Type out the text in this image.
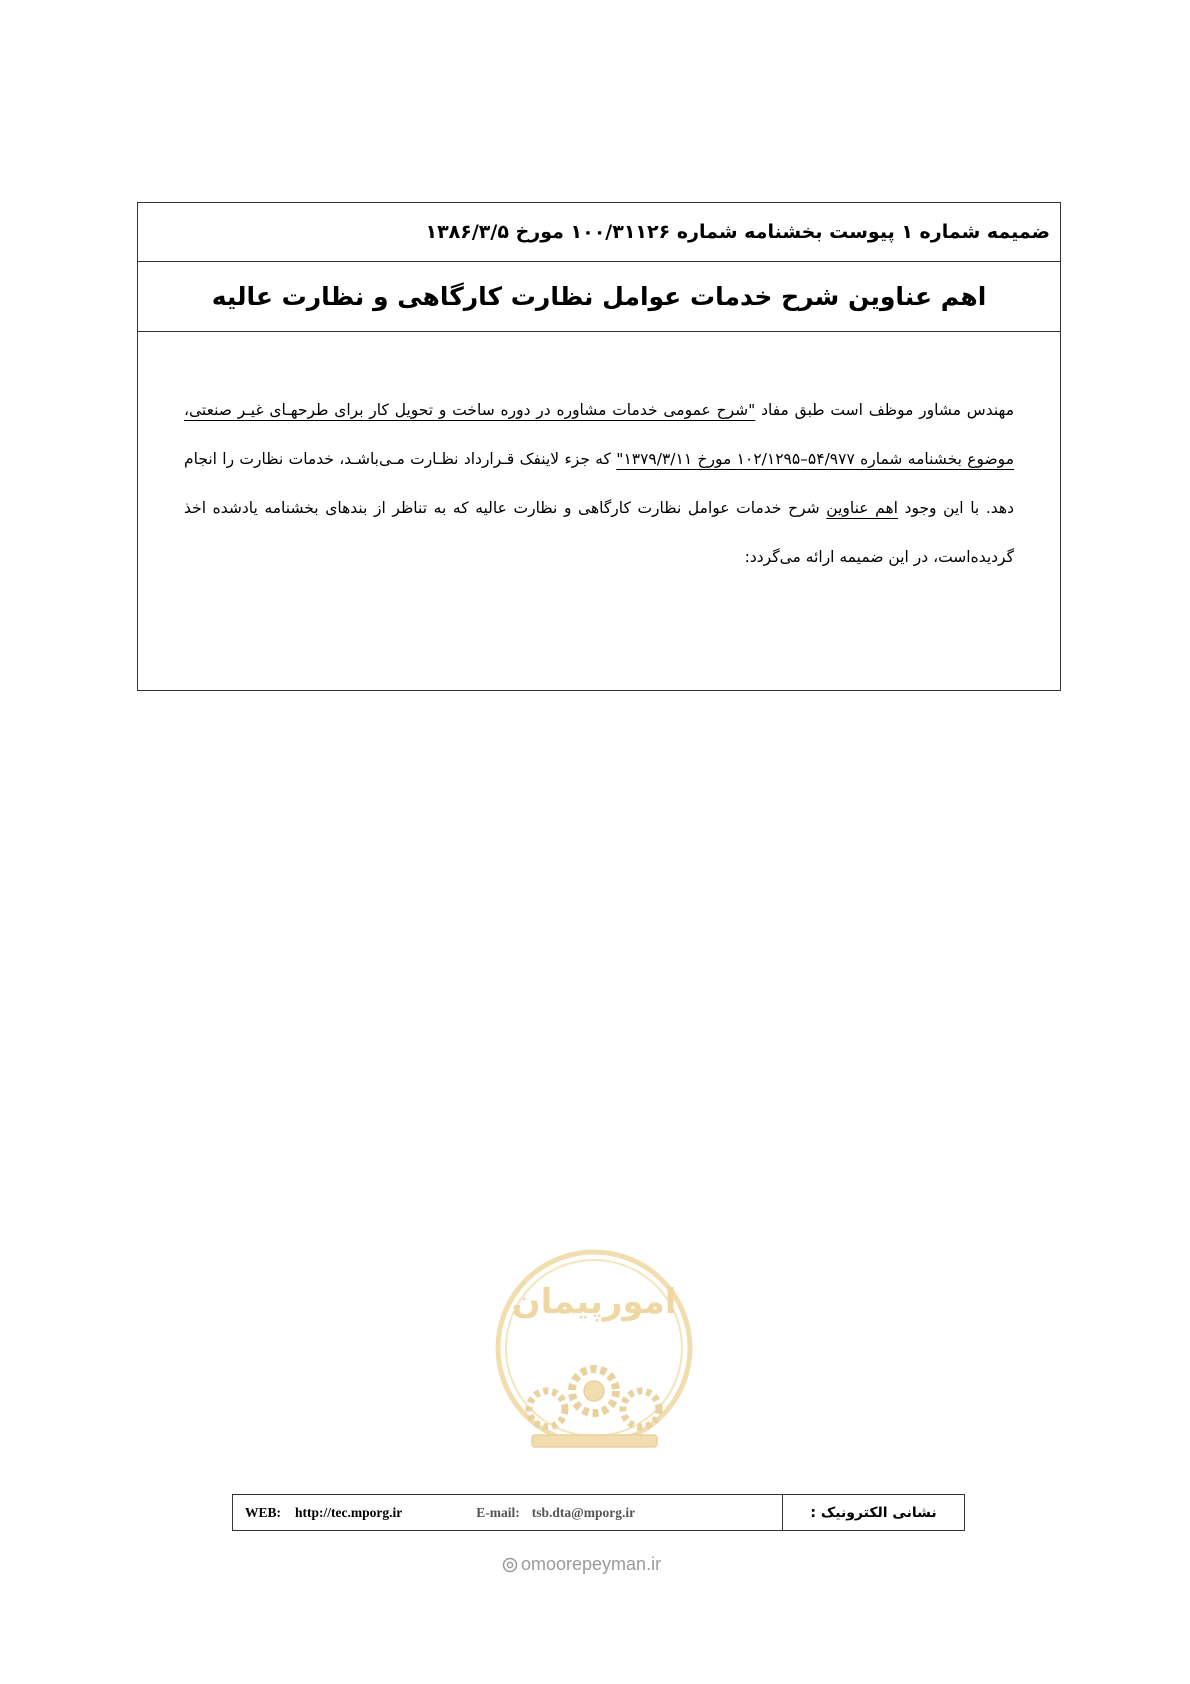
ضمیمه شماره ۱ پیوست بخشنامه شماره ۱۰۰/۳۱۱۲۶ مورخ ۱۳۸۶/۳/۵
اهم عناوین شرح خدمات عوامل نظارت کارگاهی و نظارت عالیه
مهندس مشاور موظف است طبق مفاد "شرح عمومی خدمات مشاوره در دوره ساخت و تحویل کار برای طرحهـای غیـر صنعتی، موضوع بخشنامه شماره ۵۴/۹۷۷–۱۰۲/۱۲۹۵ مورخ ۱۳۷۹/۳/۱۱" که جزء لاینفک قـرارداد نظـارت مـی‌باشـد، خدمات نظارت را انجام دهد. با این وجود اهم عناوین شرح خدمات عوامل نظارت کارگاهی و نظارت عالیه که به تناظر از بندهای بخشنامه یادشده اخذ گردیده‌است، در این ضمیمه ارائه می‌گردد:
امورپیمان
WEB: http://tec.mporg.ir	E-mail: tsb.dta@mporg.ir	نشانی الکترونیک :
omoorepeyman.ir
